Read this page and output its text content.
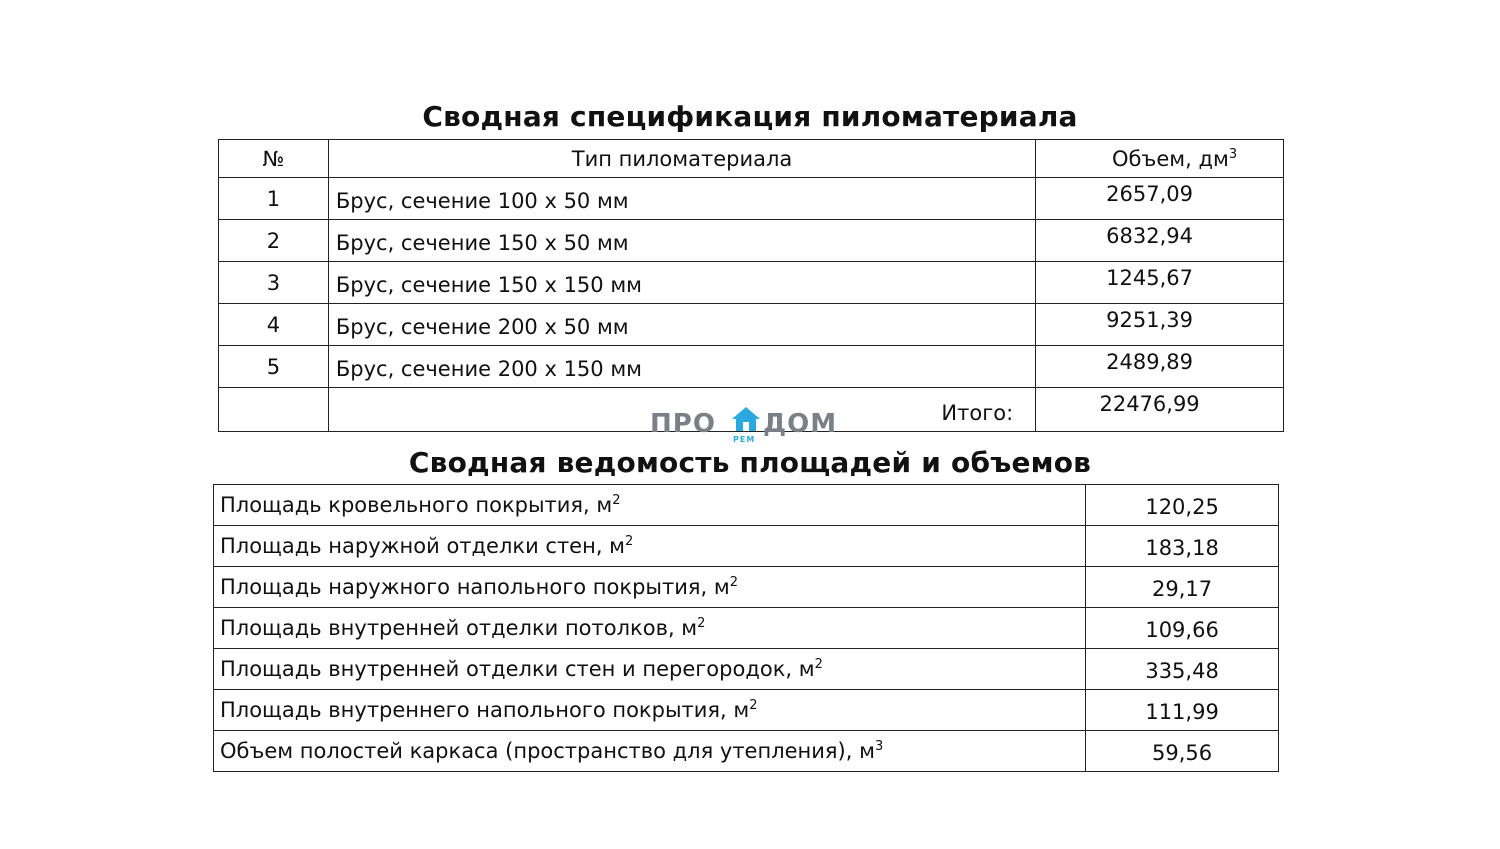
Сводная спецификация пиломатериала
№	Тип пиломатериала	Объем, $дм^3$
1	Брус, сечение 100 х 50 мм	2657,09
2	Брус, сечение 150 х 50 мм	6832,94
3	Брус, сечение 150 х 150 мм	1245,67
4	Брус, сечение 200 х 50 мм	9251,39
5	Брус, сечение 200 х 150 мм	2489,89
	Итого:	22476,99
ПРО
РЕМ
ДОМ
Сводная ведомость площадей и объемов
Площадь кровельного покрытия, $м^2$	120,25
Площадь наружной отделки стен, $м^2$	183,18
Площадь наружного напольного покрытия, $м^2$	29,17
Площадь внутренней отделки потолков, $м^2$	109,66
Площадь внутренней отделки стен и перегородок, $м^2$	335,48
Площадь внутреннего напольного покрытия, $м^2$	111,99
Объем полостей каркаса (пространство для утепления), $м^3$	59,56
